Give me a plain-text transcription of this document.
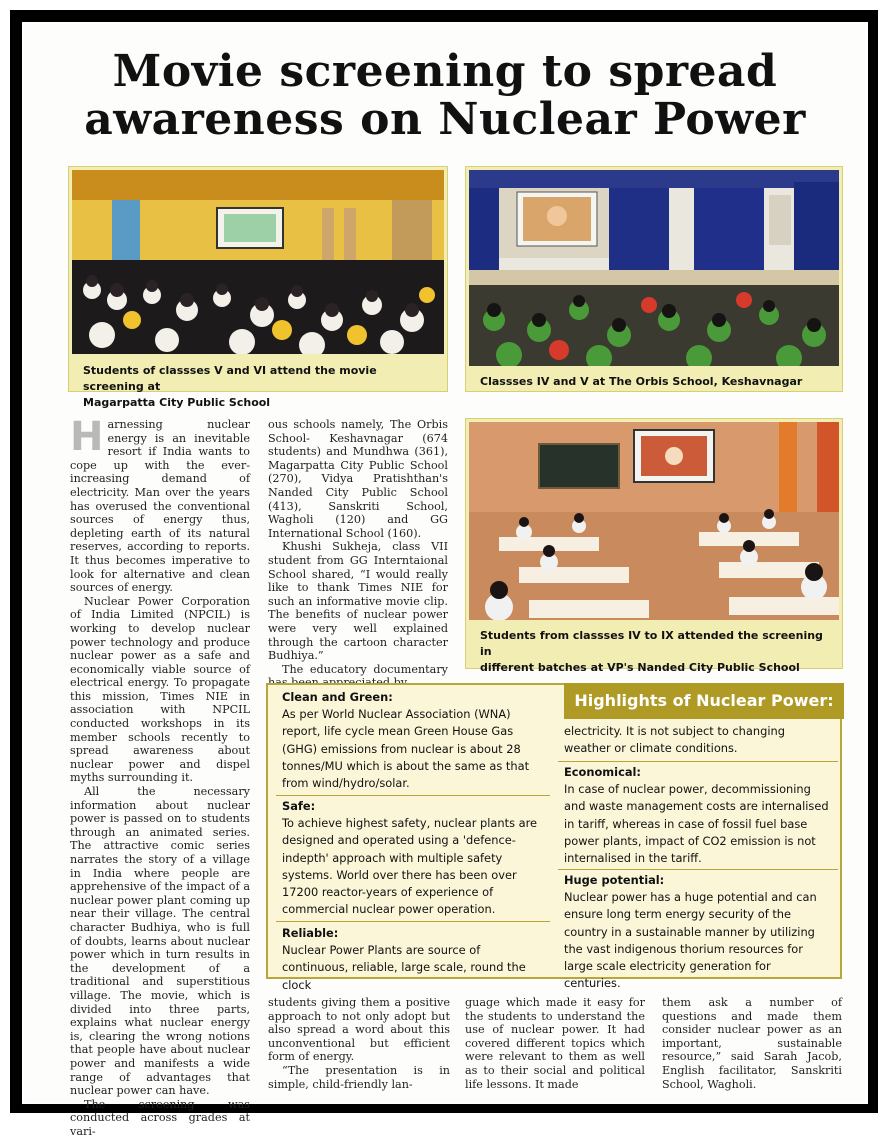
Movie screening to spread
awareness on Nuclear Power
Students of classses V and VI attend the movie screening at
Magarpatta City Public School
Classses IV and V at The Orbis School, Keshavnagar
Students from classses IV to IX attended the screening in
different batches at VP's Nanded City Public School

Harnessing nuclear energy is an inevitable resort if India wants to cope up with the ever-increasing demand of electricity. Man over the years has overused the conventional sources of energy thus, depleting earth of its natural reserves, according to reports. It thus becomes imperative to look for alternative and clean sources of energy.

Nuclear Power Corporation of India Limited (NPCIL) is working to develop nuclear power technology and produce nuclear power as a safe and economically viable source of electrical energy. To propagate this mission, Times NIE in association with NPCIL conducted workshops in its member schools recently to spread awareness about nuclear power and dispel myths surrounding it.

All the necessary information about nuclear power is passed on to students through an animated series. The attractive comic series narrates the story of a village in India where people are apprehensive of the impact of a nuclear power plant coming up near their village. The central character Budhiya, who is full of doubts, learns about nuclear power which in turn results in the development of a traditional and superstitious village. The movie, which is divided into three parts, explains what nuclear energy is, clearing the wrong notions that people have about nuclear power and manifests a wide range of advantages that nuclear power can have.

The screening was conducted across grades at vari-

ous schools namely, The Orbis School- Keshavnagar (674 students) and Mundhwa (361), Magarpatta City Public School (270), Vidya Pratishthan's Nanded City Public School (413), Sanskriti School, Wagholi (120) and GG International School (160).

Khushi Sukheja, class VII student from GG Interntaional School shared, “I would really like to thank Times NIE for such an informative movie clip. The benefits of nuclear power were very well explained through the cartoon character Budhiya.”

The educatory documentary

Highlights of Nuclear Power:
Clean and Green:
As per World Nuclear Association (WNA) report, life cycle mean Green House Gas (GHG) emissions from nuclear is about 28 tonnes/MU which is about the same as that from wind/hydro/solar.
Safe:
To achieve highest safety, nuclear plants are designed and operated using a 'defence-indepth' approach with multiple safety systems. World over there has been over 17200 reactor-years of experience of commercial nuclear power operation.
Reliable:
Nuclear Power Plants are source of continuous, reliable, large scale, round the clock
electricity. It is not subject to changing weather or climate conditions.
Economical:
In case of nuclear power, decommissioning and waste management costs are internalised in tariff, whereas in case of fossil fuel base power plants, impact of CO2 emission is not internalised in the tariff.
Huge potential:
Nuclear power has a huge potential and can ensure long term energy security of the country in a sustainable manner by utilizing the vast indigenous thorium resources for large scale electricity generation for centuries.

students giving them a positive approach to not only adopt but also spread a word about this unconventional but efficient form of energy.

“The presentation is in simple, child-friendly lan-

guage which made it easy for the students to understand the use of nuclear power. It had covered different topics which were relevant to them as well as to their social and political life lessons. It made

them ask a number of questions and made them consider nuclear power as an important, sustainable resource,” said Sarah Jacob, English facilitator, Sanskriti School, Wagholi.
